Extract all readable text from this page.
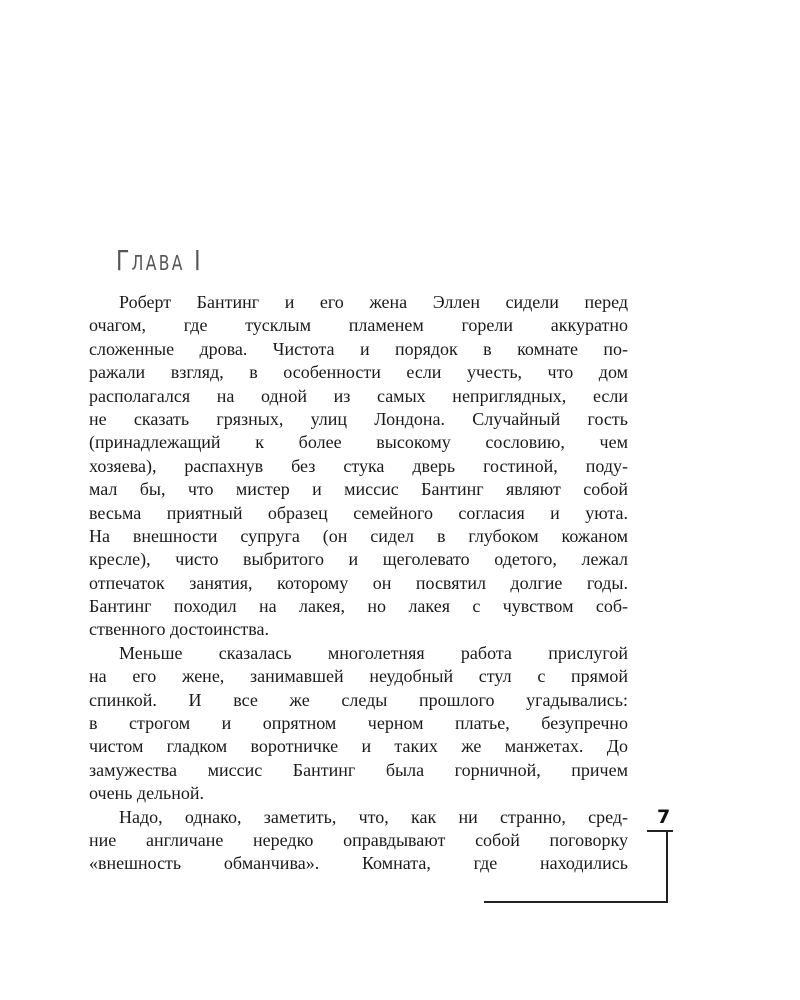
Глава I
Роберт Бантинг и его жена Эллен сидели перед
очагом, где тусклым пламенем горели аккуратно
сложенные дрова. Чистота и порядок в комнате по-
ражали взгляд, в особенности если учесть, что дом
располагался на одной из самых неприглядных, если
не сказать грязных, улиц Лондона. Случайный гость
(принадлежащий к более высокому сословию, чем
хозяева), распахнув без стука дверь гостиной, поду-
мал бы, что мистер и миссис Бантинг являют собой
весьма приятный образец семейного согласия и уюта.
На внешности супруга (он сидел в глубоком кожаном
кресле), чисто выбритого и щеголевато одетого, лежал
отпечаток занятия, которому он посвятил долгие годы.
Бантинг походил на лакея, но лакея с чувством соб-
ственного достоинства.
Меньше сказалась многолетняя работа прислугой
на его жене, занимавшей неудобный стул с прямой
спинкой. И все же следы прошлого угадывались:
в строгом и опрятном черном платье, безупречно
чистом гладком воротничке и таких же манжетах. До
замужества миссис Бантинг была горничной, причем
очень дельной.
Надо, однако, заметить, что, как ни странно, сред-
ние англичане нередко оправдывают собой поговорку
«внешность обманчива». Комната, где находились

7
